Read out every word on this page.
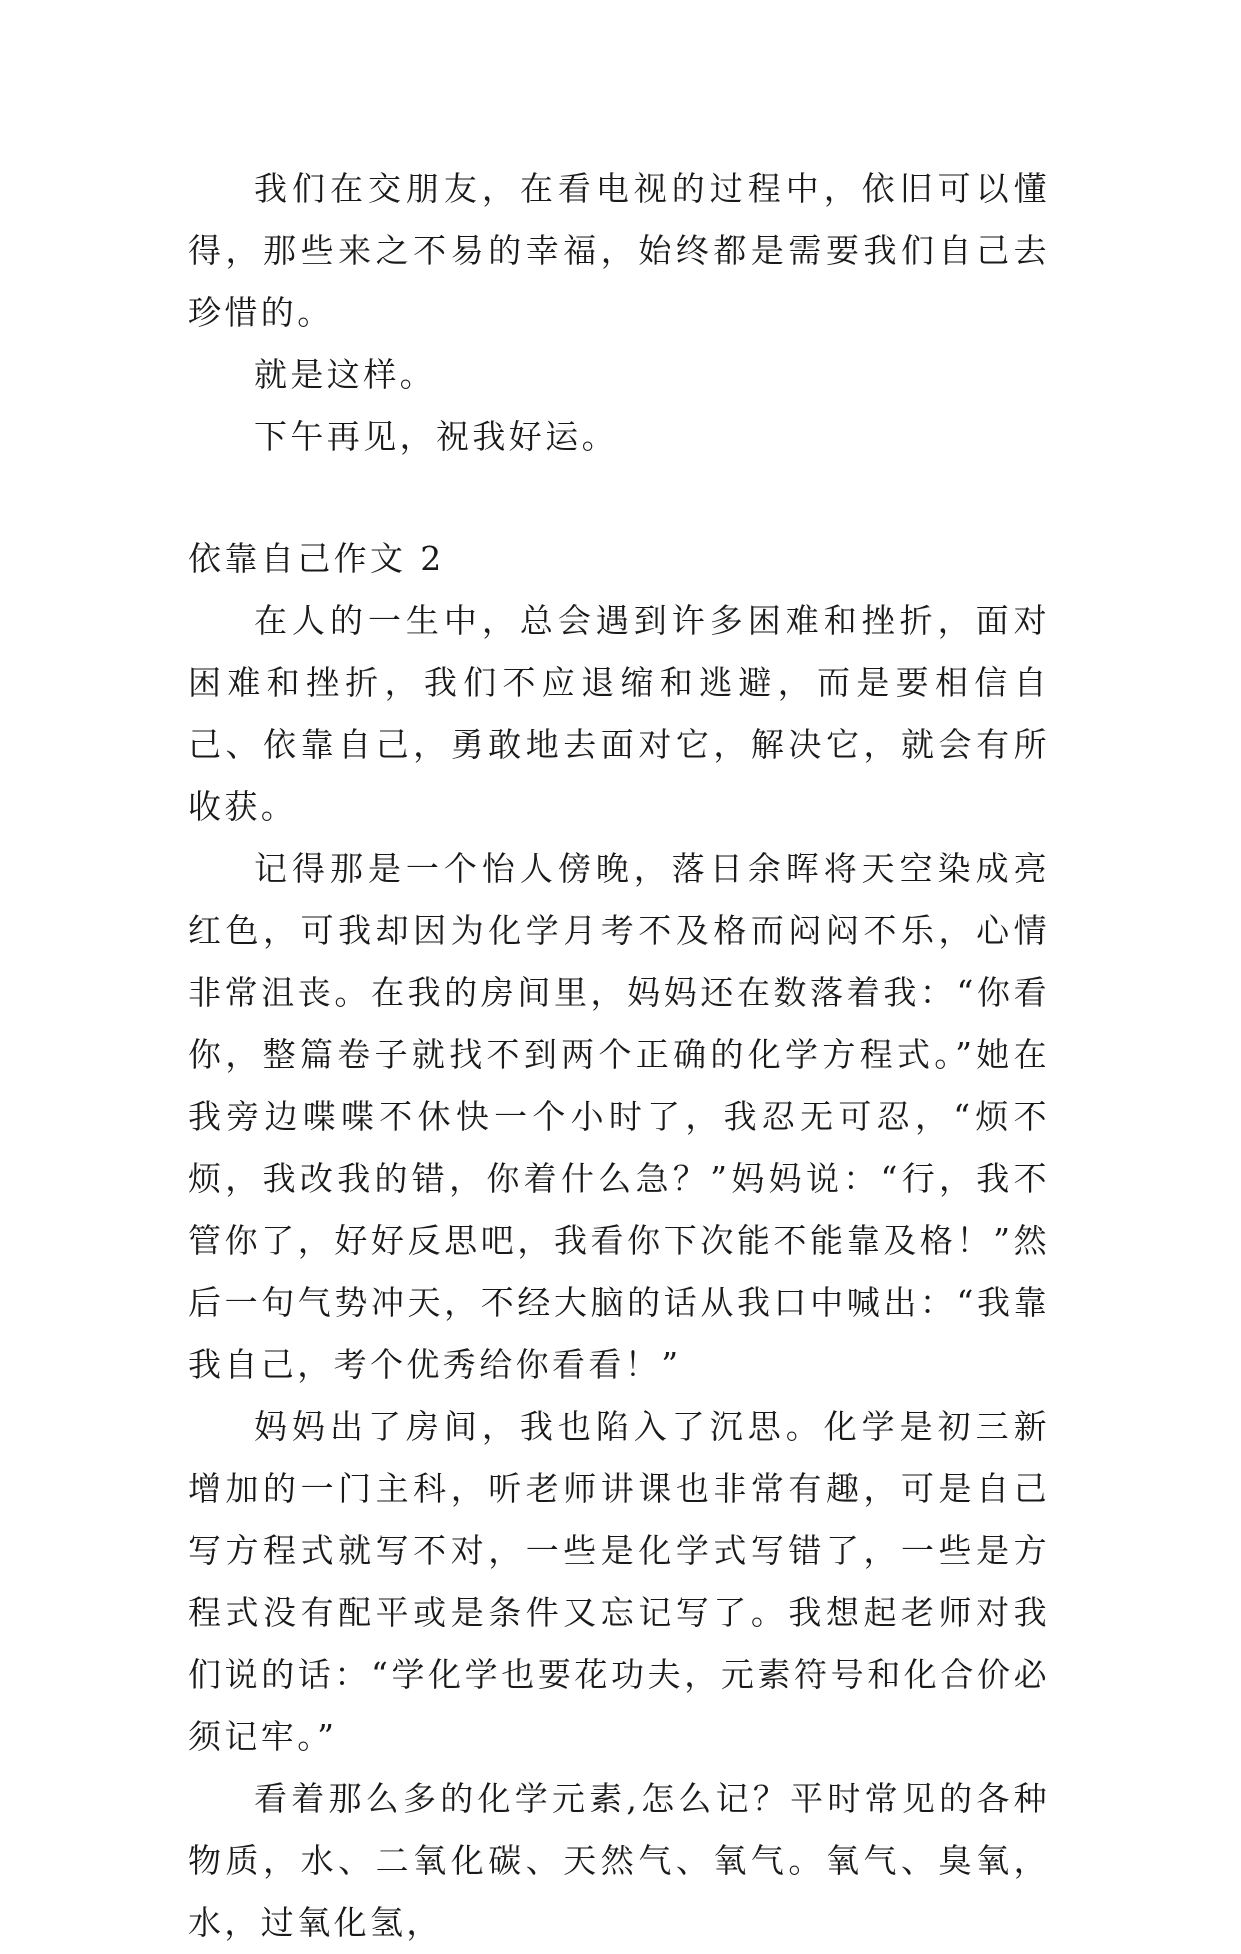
我们在交朋友，在看电视的过程中，依旧可以懂得，那些来之不易的幸福，始终都是需要我们自己去珍惜的。

就是这样。

下午再见，祝我好运。

依靠自己作文 2

在人的一生中，总会遇到许多困难和挫折，面对困难和挫折，我们不应退缩和逃避，而是要相信自己、依靠自己，勇敢地去面对它，解决它，就会有所收获。

记得那是一个怡人傍晚，落日余晖将天空染成亮红色，可我却因为化学月考不及格而闷闷不乐，心情非常沮丧。在我的房间里，妈妈还在数落着我：“你看你，整篇卷子就找不到两个正确的化学方程式。”她在我旁边喋喋不休快一个小时了，我忍无可忍，“烦不烦，我改我的错，你着什么急？”妈妈说：“行，我不管你了，好好反思吧，我看你下次能不能靠及格！”然后一句气势冲天，不经大脑的话从我口中喊出：“我靠我自己，考个优秀给你看看！”

妈妈出了房间，我也陷入了沉思。化学是初三新增加的一门主科，听老师讲课也非常有趣，可是自己写方程式就写不对，一些是化学式写错了，一些是方程式没有配平或是条件又忘记写了。我想起老师对我们说的话：“学化学也要花功夫，元素符号和化合价必须记牢。”

看着那么多的化学元素,怎么记？平时常见的各种物质，水、二氧化碳、天然气、氧气。氧气、臭氧，水，过氧化氢，
